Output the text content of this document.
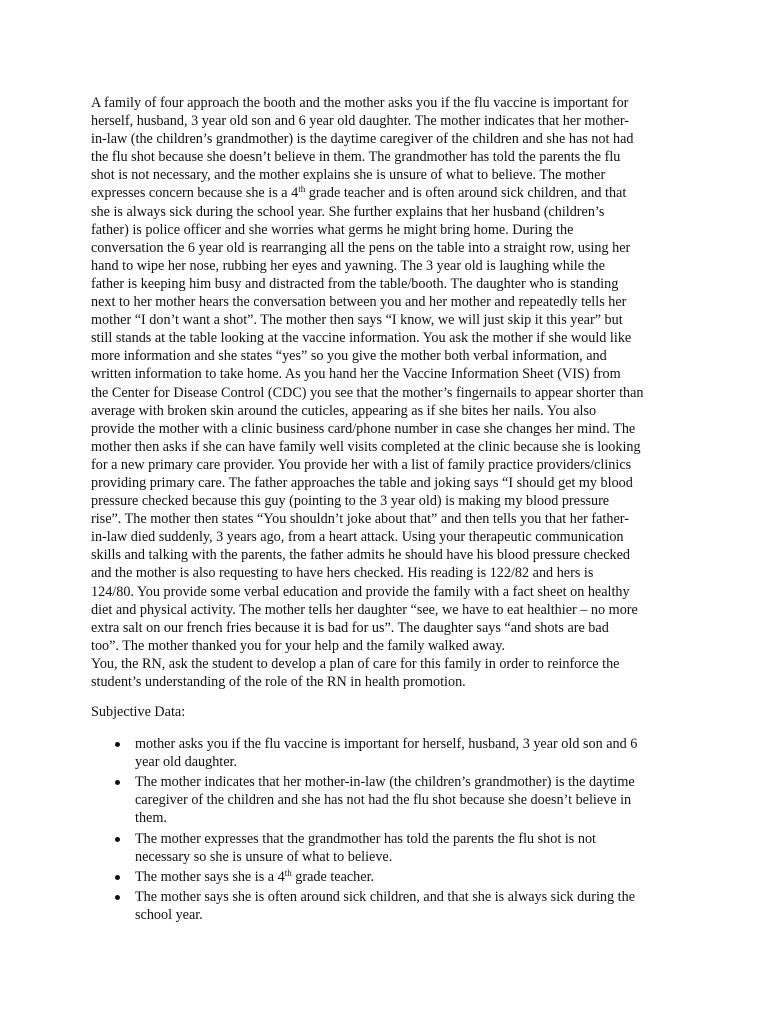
A family of four approach the booth and the mother asks you if the flu vaccine is important for
herself, husband, 3 year old son and 6 year old daughter. The mother indicates that her mother-
in-law (the children’s grandmother) is the daytime caregiver of the children and she has not had
the flu shot because she doesn’t believe in them. The grandmother has told the parents the flu
shot is not necessary, and the mother explains she is unsure of what to believe. The mother
expresses concern because she is a 4th grade teacher and is often around sick children, and that
she is always sick during the school year. She further explains that her husband (children’s
father) is police officer and she worries what germs he might bring home. During the
conversation the 6 year old is rearranging all the pens on the table into a straight row, using her
hand to wipe her nose, rubbing her eyes and yawning. The 3 year old is laughing while the
father is keeping him busy and distracted from the table/booth. The daughter who is standing
next to her mother hears the conversation between you and her mother and repeatedly tells her
mother “I don’t want a shot”. The mother then says “I know, we will just skip it this year” but
still stands at the table looking at the vaccine information. You ask the mother if she would like
more information and she states “yes” so you give the mother both verbal information, and
written information to take home. As you hand her the Vaccine Information Sheet (VIS) from
the Center for Disease Control (CDC) you see that the mother’s fingernails to appear shorter than
average with broken skin around the cuticles, appearing as if she bites her nails. You also
provide the mother with a clinic business card/phone number in case she changes her mind. The
mother then asks if she can have family well visits completed at the clinic because she is looking
for a new primary care provider. You provide her with a list of family practice providers/clinics
providing primary care. The father approaches the table and joking says “I should get my blood
pressure checked because this guy (pointing to the 3 year old) is making my blood pressure
rise”. The mother then states “You shouldn’t joke about that” and then tells you that her father-
in-law died suddenly, 3 years ago, from a heart attack. Using your therapeutic communication
skills and talking with the parents, the father admits he should have his blood pressure checked
and the mother is also requesting to have hers checked. His reading is 122/82 and hers is
124/80. You provide some verbal education and provide the family with a fact sheet on healthy
diet and physical activity. The mother tells her daughter “see, we have to eat healthier – no more
extra salt on our french fries because it is bad for us”. The daughter says “and shots are bad
too”. The mother thanked you for your help and the family walked away.
You, the RN, ask the student to develop a plan of care for this family in order to reinforce the
student’s understanding of the role of the RN in health promotion.
Subjective Data:
mother asks you if the flu vaccine is important for herself, husband, 3 year old son and 6
year old daughter.
The mother indicates that her mother-in-law (the children’s grandmother) is the daytime
caregiver of the children and she has not had the flu shot because she doesn’t believe in
them.
The mother expresses that the grandmother has told the parents the flu shot is not
necessary so she is unsure of what to believe.
The mother says she is a 4th grade teacher.
The mother says she is often around sick children, and that she is always sick during the
school year.
